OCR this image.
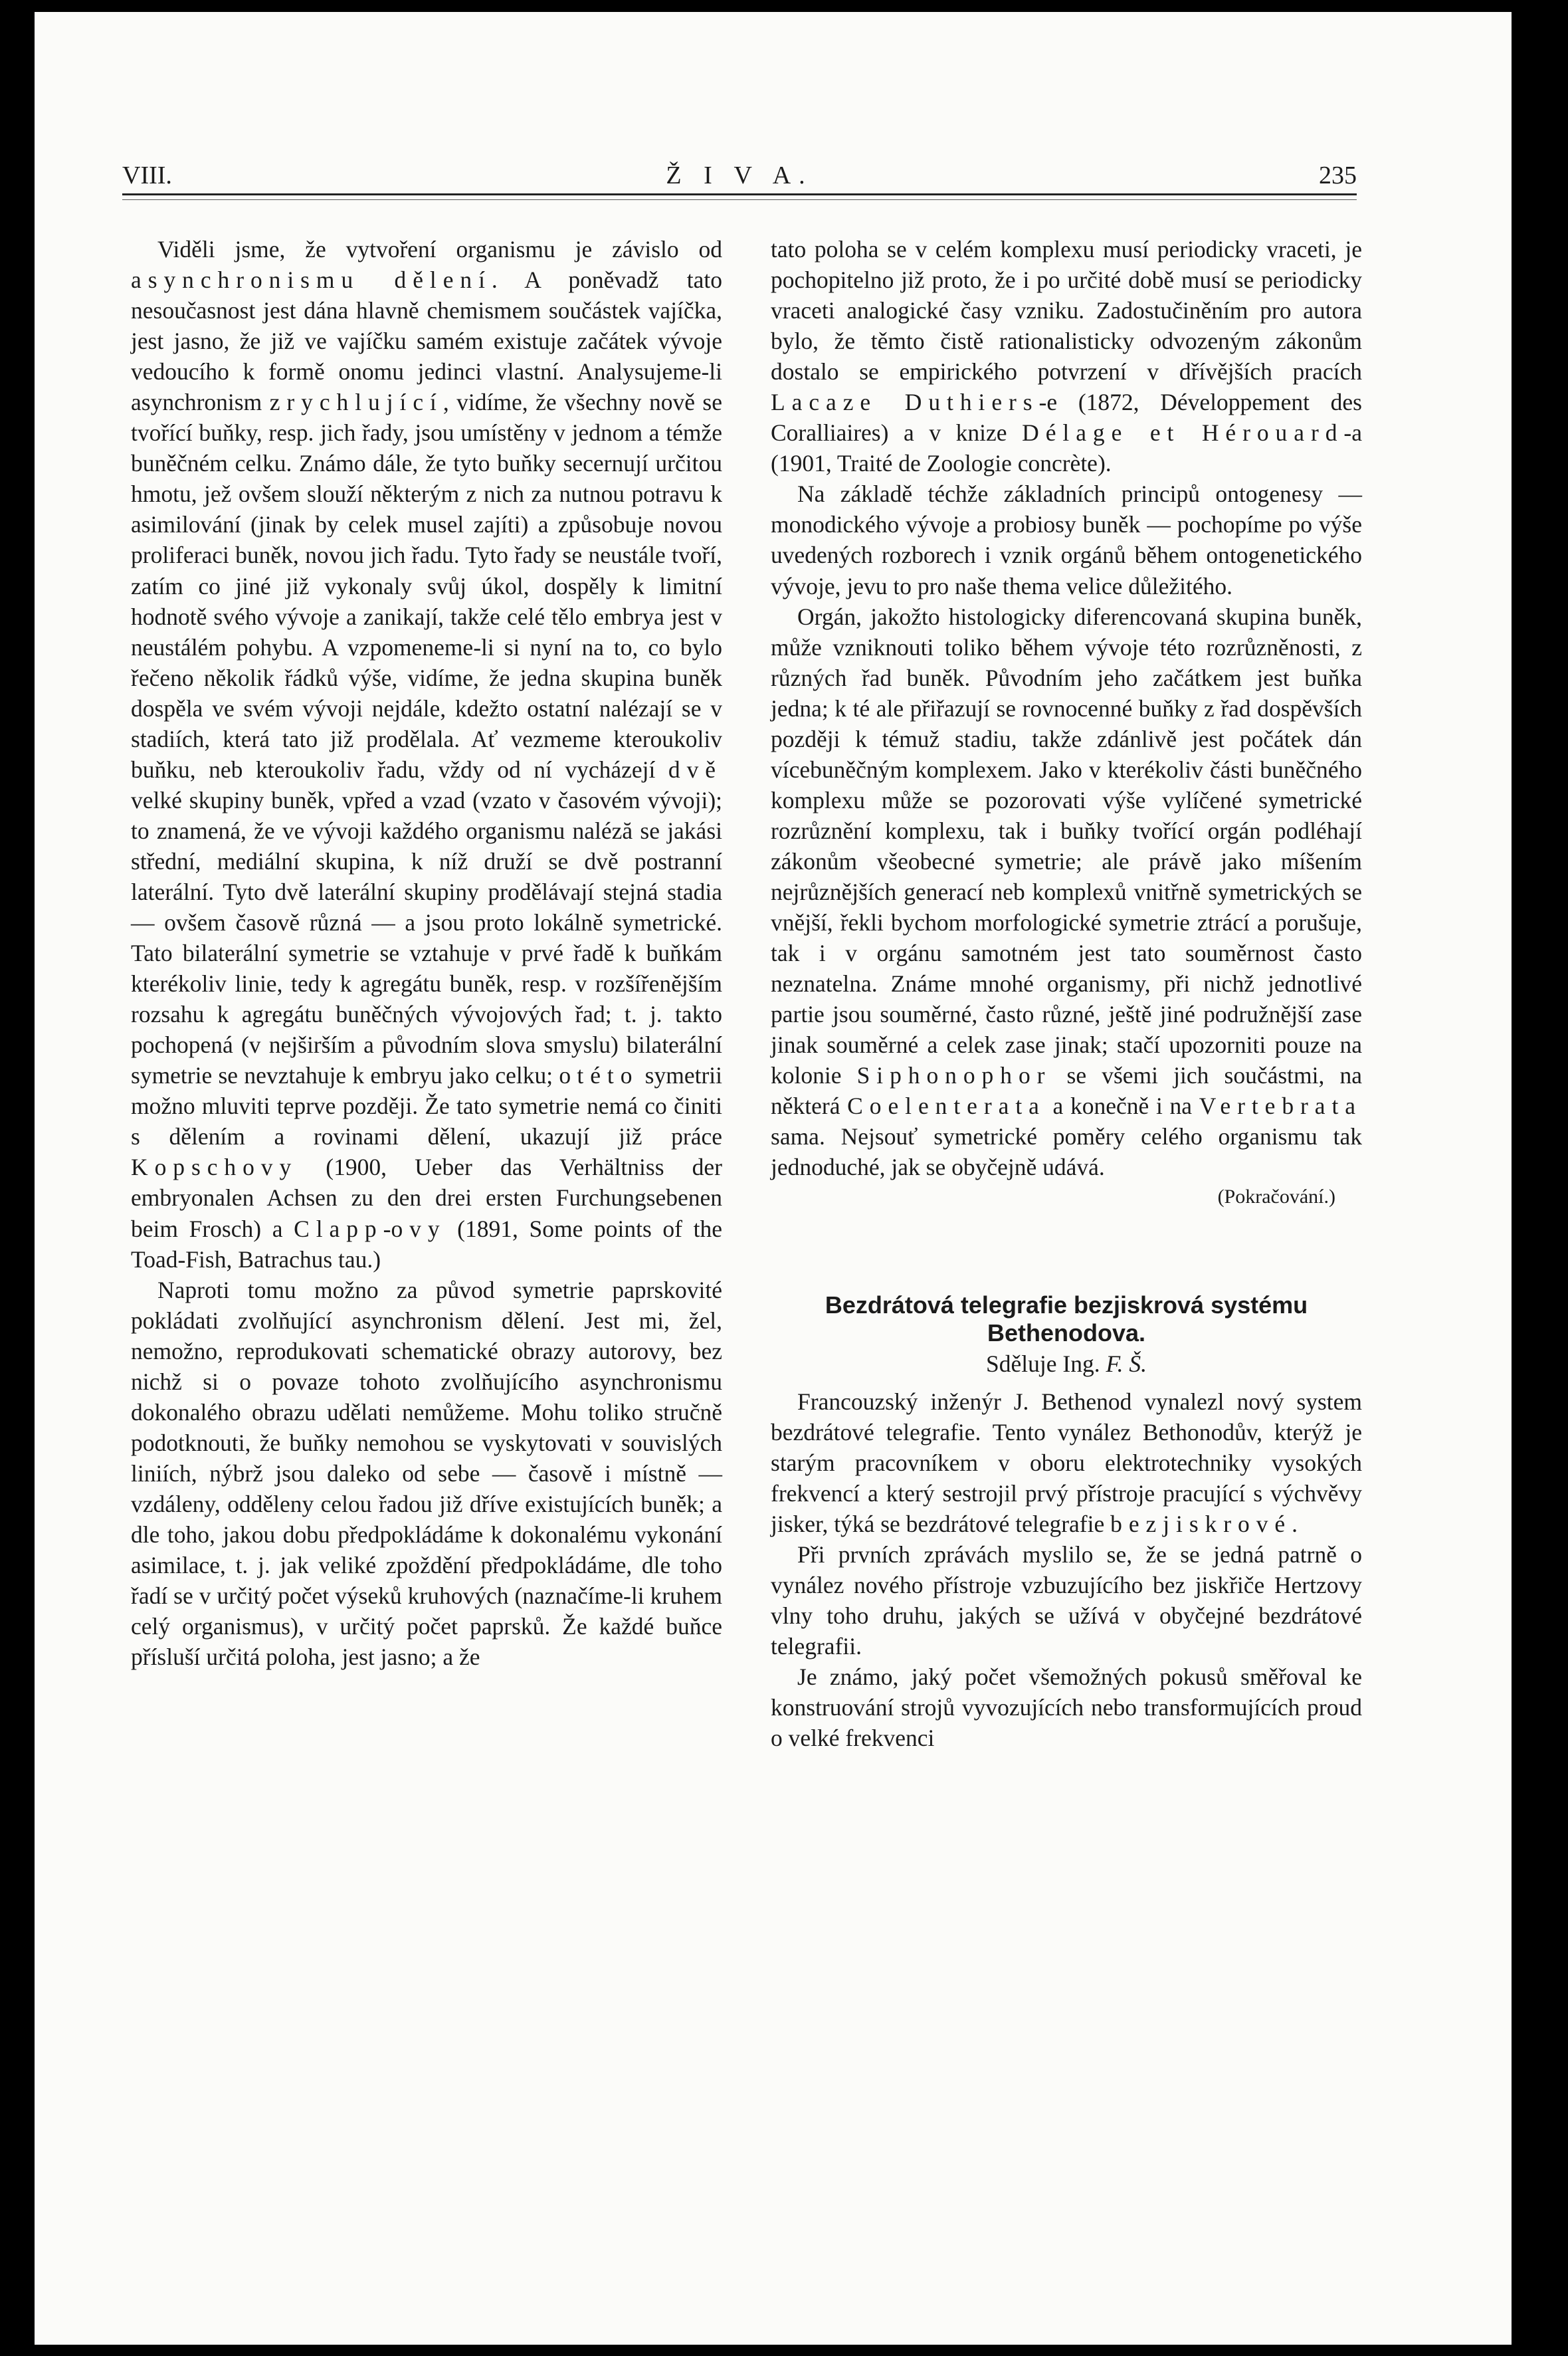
VIII.	Ž I V A.	235

Viděli jsme, že vytvoření organismu je závislo od asynchronismu dělení. A poněvadž tato nesoučasnost jest dána hlavně chemismem součástek vajíčka, jest jasno, že již ve vajíčku samém existuje začátek vývoje vedoucího k formě onomu jedinci vlastní. Analysujeme-li asynchronism zrychlující, vidíme, že všechny nově se tvořící buňky, resp. jich řady, jsou umístěny v jednom a témže buněčném celku. Známo dále, že tyto buňky secernují určitou hmotu, jež ovšem slouží některým z nich za nutnou potravu k asimilování (jinak by celek musel zajíti) a způsobuje novou proliferaci buněk, novou jich řadu. Tyto řady se neustále tvoří, zatím co jiné již vykonaly svůj úkol, dospěly k limitní hodnotě svého vývoje a zanikají, takže celé tělo embrya jest v neustálém pohybu. A vzpomeneme-li si nyní na to, co bylo řečeno několik řádků výše, vidíme, že jedna skupina buněk dospěla ve svém vývoji nejdále, kdežto ostatní nalézají se v stadiích, která tato již prodělala. Ať vezmeme kteroukoliv buňku, neb kteroukoliv řadu, vždy od ní vycházejí dvě velké skupiny buněk, vpřed a vzad (vzato v časovém vývoji); to znamená, že ve vývoji každého organismu naléză se jakási střední, mediální skupina, k níž druží se dvě postranní laterální. Tyto dvě laterální skupiny prodělávají stejná stadia — ovšem časově různá — a jsou proto lokálně symetrické. Tato bilaterální symetrie se vztahuje v prvé řadě k buňkám kterékoliv linie, tedy k agregátu buněk, resp. v rozšířenějším rozsahu k agregátu buněčných vývojových řad; t. j. takto pochopená (v nejširším a původním slova smyslu) bilaterální symetrie se nevztahuje k embryu jako celku; o této symetrii možno mluviti teprve později. Že tato symetrie nemá co činiti s dělením a rovinami dělení, ukazují již práce Kopschovy (1900, Ueber das Verhältniss der embryonalen Achsen zu den drei ersten Furchungsebenen beim Frosch) a Clapp-ovy (1891, Some points of the Toad-Fish, Batrachus tau.)

Naproti tomu možno za původ symetrie paprskovité pokládati zvolňující asynchronism dělení. Jest mi, žel, nemožno, reprodukovati schematické obrazy autorovy, bez nichž si o povaze tohoto zvolňujícího asynchronismu dokonalého obrazu udělati nemůžeme. Mohu toliko stručně podotknouti, že buňky nemohou se vyskytovati v souvislých liniích, nýbrž jsou daleko od sebe — časově i místně — vzdáleny, odděleny celou řadou již dříve existujících buněk; a dle toho, jakou dobu předpokládáme k dokonalému vykonání asimilace, t. j. jak veliké zpoždění předpokládáme, dle toho řadí se v určitý počet výseků kruhových (naznačíme-li kruhem celý organismus), v určitý počet paprsků. Že každé buňce přísluší určitá poloha, jest jasno; a že

tato poloha se v celém komplexu musí periodicky vraceti, je pochopitelno již proto, že i po určité době musí se periodicky vraceti analogické časy vzniku. Zadostučiněním pro autora bylo, že těmto čistě rationalisticky odvozeným zákonům dostalo se empirického potvrzení v dřívějších pracích Lacaze Duthiers-e (1872, Développement des Coralliaires) a v knize Délage et Hérouard-a (1901, Traité de Zoologie concrète).

Na základě téchže základních principů ontogenesy — monodického vývoje a probiosy buněk — pochopíme po výše uvedených rozborech i vznik orgánů během ontogenetického vývoje, jevu to pro naše thema velice důležitého.

Orgán, jakožto histologicky diferencovaná skupina buněk, může vzniknouti toliko během vývoje této rozrůzněnosti, z různých řad buněk. Původním jeho začátkem jest buňka jedna; k té ale přiřazují se rovnocenné buňky z řad dospěvších později k témuž stadiu, takže zdánlivě jest počátek dán vícebuněčným komplexem. Jako v kterékoliv části buněčného komplexu může se pozorovati výše vylíčené symetrické rozrůznění komplexu, tak i buňky tvořící orgán podléhají zákonům všeobecné symetrie; ale právě jako míšením nejrůznějších generací neb komplexů vnitřně symetrických se vnější, řekli bychom morfologické symetrie ztrácí a porušuje, tak i v orgánu samotném jest tato souměrnost často neznatelna. Známe mnohé organismy, při nichž jednotlivé partie jsou souměrné, často různé, ještě jiné podružnější zase jinak souměrné a celek zase jinak; stačí upozorniti pouze na kolonie Siphonophor se všemi jich součástmi, na některá Coelenterata a konečně i na Vertebrata sama. Nejsouť symetrické poměry celého organismu tak jednoduché, jak se obyčejně udává.

(Pokračování.)
Bezdrátová telegrafie bezjiskrová systému Bethenodova.
Sděluje Ing. F. Š.

Francouzský inženýr J. Bethenod vynalezl nový system bezdrátové telegrafie. Tento vynález Bethonodův, kterýž je starým pracovníkem v oboru elektrotechniky vysokých frekvencí a který sestrojil prvý přístroje pracující s výchvěvy jisker, týká se bezdrátové telegrafie bezjiskrové.

Při prvních zprávách myslilo se, že se jedná patrně o vynález nového přístroje vzbuzujícího bez jiskřiče Hertzovy vlny toho druhu, jakých se užívá v obyčejné bezdrátové telegrafii.

Je známo, jaký počet všemožných pokusů směřoval ke konstruování strojů vyvozujících nebo transformujících proud o velké frekvenci
